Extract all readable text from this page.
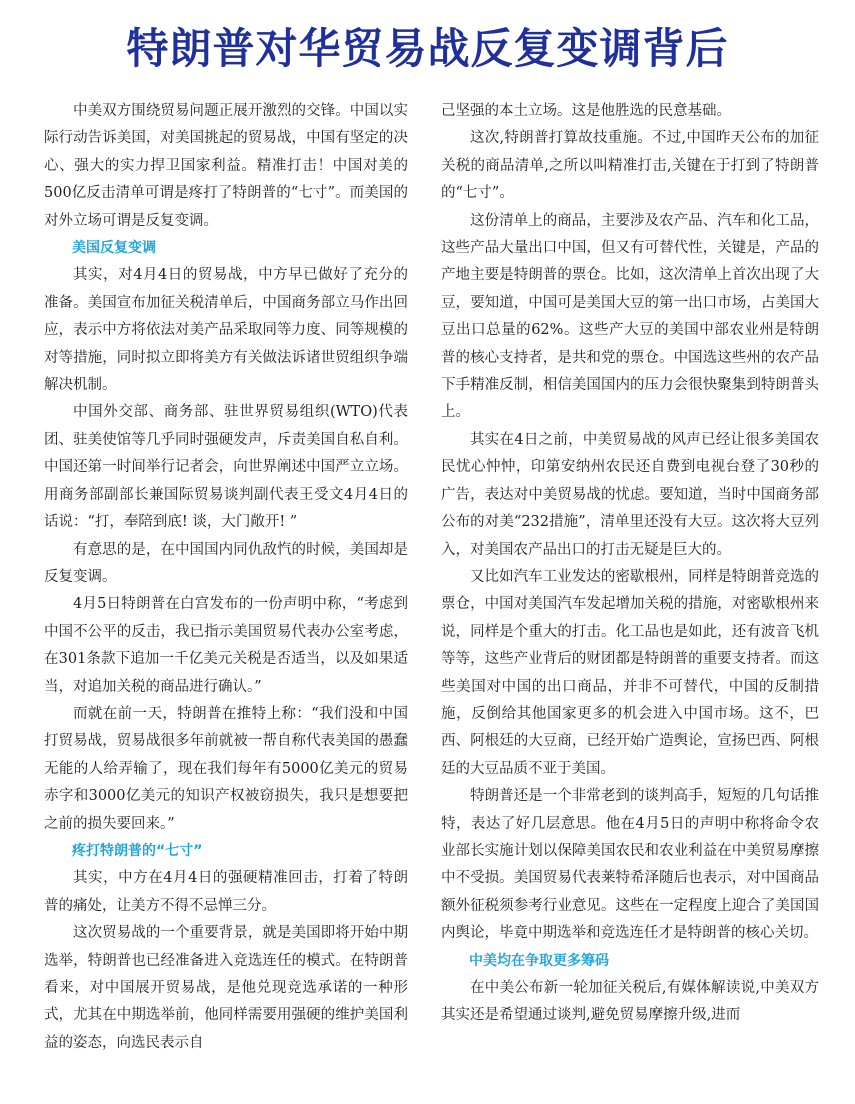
特朗普对华贸易战反复变调背后

中美双方围绕贸易问题正展开激烈的交锋。中国以实际行动告诉美国，对美国挑起的贸易战，中国有坚定的决心、强大的实力捍卫国家利益。精准打击！中国对美的500亿反击清单可谓是疼打了特朗普的“七寸”。而美国的对外立场可谓是反复变调。

美国反复变调

其实，对4月4日的贸易战，中方早已做好了充分的准备。美国宣布加征关税清单后，中国商务部立马作出回应，表示中方将依法对美产品采取同等力度、同等规模的对等措施，同时拟立即将美方有关做法诉诸世贸组织争端解决机制。

中国外交部、商务部、驻世界贸易组织(WTO)代表团、驻美使馆等几乎同时强硬发声，斥责美国自私自利。中国还第一时间举行记者会，向世界阐述中国严立立场。用商务部副部长兼国际贸易谈判副代表王受文4月4日的话说：“打，奉陪到底! 谈，大门敞开! ”

有意思的是，在中国国内同仇敌忾的时候，美国却是反复变调。

4月5日特朗普在白宫发布的一份声明中称，“考虑到中国不公平的反击，我已指示美国贸易代表办公室考虑，在301条款下追加一千亿美元关税是否适当，以及如果适当，对追加关税的商品进行确认。”

而就在前一天，特朗普在推特上称：“我们没和中国打贸易战，贸易战很多年前就被一帮自称代表美国的愚蠢无能的人给弄输了，现在我们每年有5000亿美元的贸易赤字和3000亿美元的知识产权被窃损失，我只是想要把之前的损失要回来。”

疼打特朗普的“七寸”

其实，中方在4月4日的强硬精准回击，打着了特朗普的痛处，让美方不得不忌惮三分。

这次贸易战的一个重要背景，就是美国即将开始中期选举，特朗普也已经准备进入竞选连任的模式。在特朗普看来，对中国展开贸易战，是他兑现竞选承诺的一种形式，尤其在中期选举前，他同样需要用强硬的维护美国利益的姿态，向选民表示自

己坚强的本土立场。这是他胜选的民意基础。

这次,特朗普打算故技重施。不过,中国昨天公布的加征关税的商品清单,之所以叫精准打击,关键在于打到了特朗普的“七寸”。

这份清单上的商品，主要涉及农产品、汽车和化工品，这些产品大量出口中国，但又有可替代性，关键是，产品的产地主要是特朗普的票仓。比如，这次清单上首次出现了大豆，要知道，中国可是美国大豆的第一出口市场，占美国大豆出口总量的62%。这些产大豆的美国中部农业州是特朗普的核心支持者，是共和党的票仓。中国选这些州的农产品下手精准反制，相信美国国内的压力会很快聚集到特朗普头上。

其实在4日之前，中美贸易战的风声已经让很多美国农民忧心忡忡，印第安纳州农民还自费到电视台登了30秒的广告，表达对中美贸易战的忧虑。要知道，当时中国商务部公布的对美“232措施”，清单里还没有大豆。这次将大豆列入，对美国农产品出口的打击无疑是巨大的。

又比如汽车工业发达的密歇根州，同样是特朗普竞选的票仓，中国对美国汽车发起增加关税的措施，对密歇根州来说，同样是个重大的打击。化工品也是如此，还有波音飞机等等，这些产业背后的财团都是特朗普的重要支持者。而这些美国对中国的出口商品，并非不可替代，中国的反制措施，反倒给其他国家更多的机会进入中国市场。这不，巴西、阿根廷的大豆商，已经开始广造舆论，宣扬巴西、阿根廷的大豆品质不亚于美国。

特朗普还是一个非常老到的谈判高手，短短的几句话推特，表达了好几层意思。他在4月5日的声明中称将命令农业部长实施计划以保障美国农民和农业利益在中美贸易摩擦中不受损。美国贸易代表莱特希泽随后也表示，对中国商品额外征税须参考行业意见。这些在一定程度上迎合了美国国内舆论，毕竟中期选举和竞选连任才是特朗普的核心关切。

中美均在争取更多筹码

在中美公布新一轮加征关税后,有媒体解读说,中美双方其实还是希望通过谈判,避免贸易摩擦升级,进而
